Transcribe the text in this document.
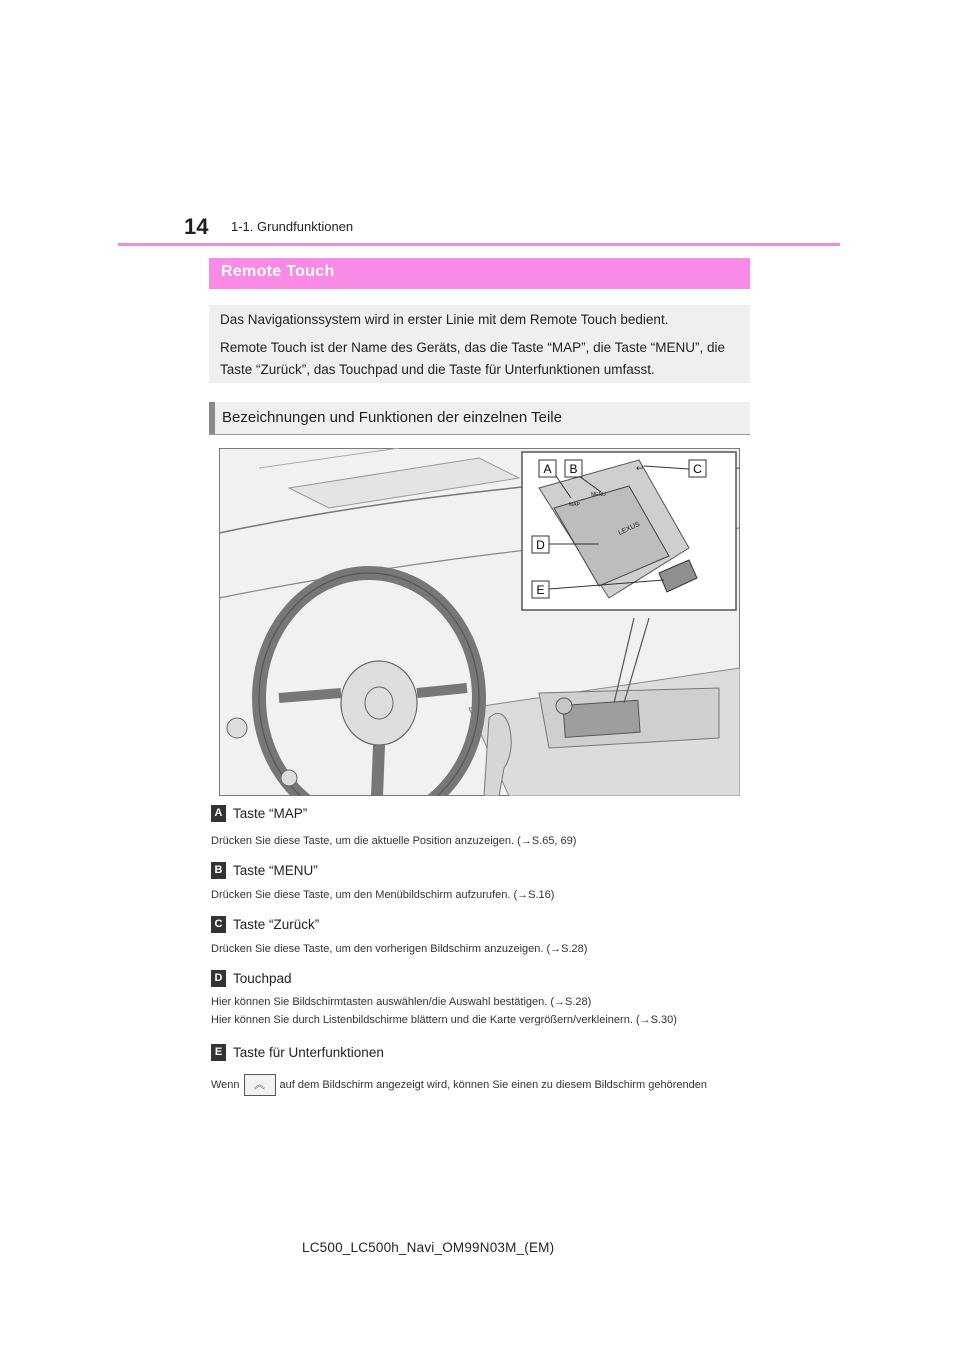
14 1-1. Grundfunktionen
Remote Touch
Das Navigationssystem wird in erster Linie mit dem Remote Touch bedient.
Remote Touch ist der Name des Geräts, das die Taste “MAP”, die Taste “MENU”, die Taste “Zurück”, das Touchpad und die Taste für Unterfunktionen umfasst.
Bezeichnungen und Funktionen der einzelnen Teile
MAP
MENU
LEXUS
↩
A B	C
D
E
A Taste “MAP”
Drücken Sie diese Taste, um die aktuelle Position anzuzeigen. (→S.65, 69)
B Taste “MENU”
Drücken Sie diese Taste, um den Menübildschirm aufzurufen. (→S.16)
C Taste “Zurück”
Drücken Sie diese Taste, um den vorherigen Bildschirm anzuzeigen. (→S.28)
D Touchpad
Hier können Sie Bildschirmtasten auswählen/die Auswahl bestätigen. (→S.28)
Hier können Sie durch Listenbildschirme blättern und die Karte vergrößern/verkleinern. (→S.30)
E Taste für Unterfunktionen
Wenn ︽ auf dem Bildschirm angezeigt wird, können Sie einen zu diesem Bildschirm gehörenden
LC500_LC500h_Navi_OM99N03M_(EM)
